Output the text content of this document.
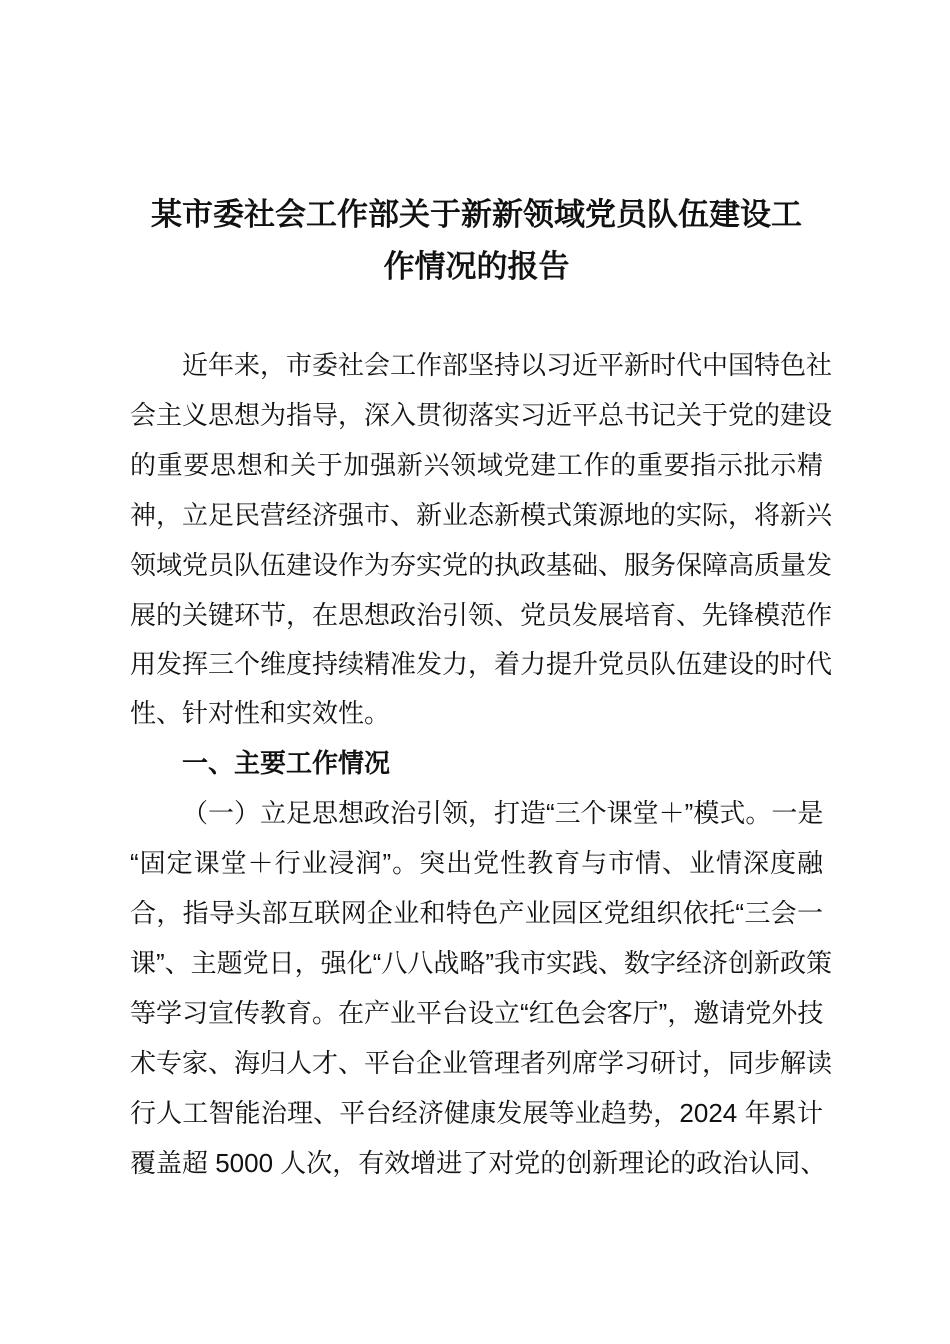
某市委社会工作部关于新新领域党员队伍建设工
作情况的报告
近年来，市委社会工作部坚持以习近平新时代中国特色社
会主义思想为指导，深入贯彻落实习近平总书记关于党的建设
的重要思想和关于加强新兴领域党建工作的重要指示批示精
神，立足民营经济强市、新业态新模式策源地的实际，将新兴
领域党员队伍建设作为夯实党的执政基础、服务保障高质量发
展的关键环节，在思想政治引领、党员发展培育、先锋模范作
用发挥三个维度持续精准发力，着力提升党员队伍建设的时代
性、针对性和实效性。
一、主要工作情况
（一）立足思想政治引领，打造“三个课堂＋”模式。一是
“固定课堂＋行业浸润”。突出党性教育与市情、业情深度融
合，指导头部互联网企业和特色产业园区党组织依托“三会一
课”、主题党日，强化“八八战略”我市实践、数字经济创新政策
等学习宣传教育。在产业平台设立“红色会客厅”，邀请党外技
术专家、海归人才、平台企业管理者列席学习研讨，同步解读
行人工智能治理、平台经济健康发展等业趋势，2024 年累计
覆盖超 5000 人次，有效增进了对党的创新理论的政治认同、
